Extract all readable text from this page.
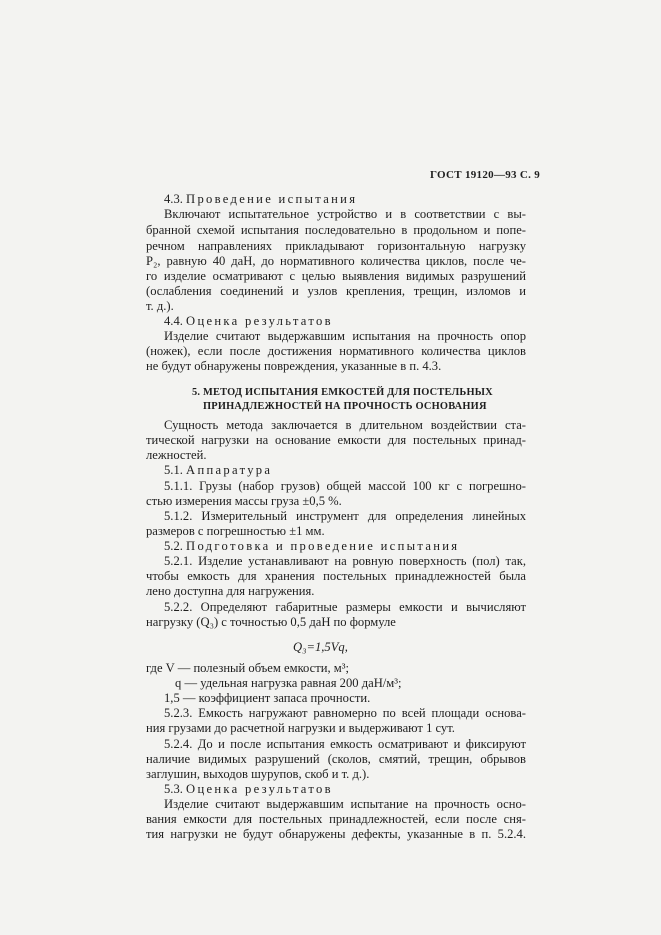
ГОСТ 19120—93 С. 9
4.3. Проведение испытания
Включают испытательное устройство и в соответствии с вы-
бранной схемой испытания последовательно в продольном и попе-
речном направлениях прикладывают горизонтальную нагрузку
Р₂, равную 40 даН, до нормативного количества циклов, после че-
го изделие осматривают с целью выявления видимых разрушений
(ослабления соединений и узлов крепления, трещин, изломов и
т. д.).
4.4. Оценка результатов
Изделие считают выдержавшим испытания на прочность опор
(ножек), если после достижения нормативного количества циклов
не будут обнаружены повреждения, указанные в п. 4.3.
5. МЕТОД ИСПЫТАНИЯ ЕМКОСТЕЙ ДЛЯ ПОСТЕЛЬНЫХ
ПРИНАДЛЕЖНОСТЕЙ НА ПРОЧНОСТЬ ОСНОВАНИЯ
Сущность метода заключается в длительном воздействии ста-
тической нагрузки на основание емкости для постельных принад-
лежностей.
5.1. Аппаратура
5.1.1. Грузы (набор грузов) общей массой 100 кг с погрешно-
стью измерения массы груза ±0,5 %.
5.1.2. Измерительный инструмент для определения линейных
размеров с погрешностью ±1 мм.
5.2. Подготовка и проведение испытания
5.2.1. Изделие устанавливают на ровную поверхность (пол) так,
чтобы емкость для хранения постельных принадлежностей была
лено доступна для нагружения.
5.2.2. Определяют габаритные размеры емкости и вычисляют
нагрузку (Q₃) с точностью 0,5 даН по формуле
Q₃=1,5Vq,
где V — полезный объем емкости, м³;
q — удельная нагрузка равная 200 даН/м³;
1,5 — коэффициент запаса прочности.
5.2.3. Емкость нагружают равномерно по всей площади основа-
ния грузами до расчетной нагрузки и выдерживают 1 сут.
5.2.4. До и после испытания емкость осматривают и фиксируют
наличие видимых разрушений (сколов, смятий, трещин, обрывов
заглушин, выходов шурупов, скоб и т. д.).
5.3. Оценка результатов
Изделие считают выдержавшим испытание на прочность осно-
вания емкости для постельных принадлежностей, если после сня-
тия нагрузки не будут обнаружены дефекты, указанные в п. 5.2.4.
